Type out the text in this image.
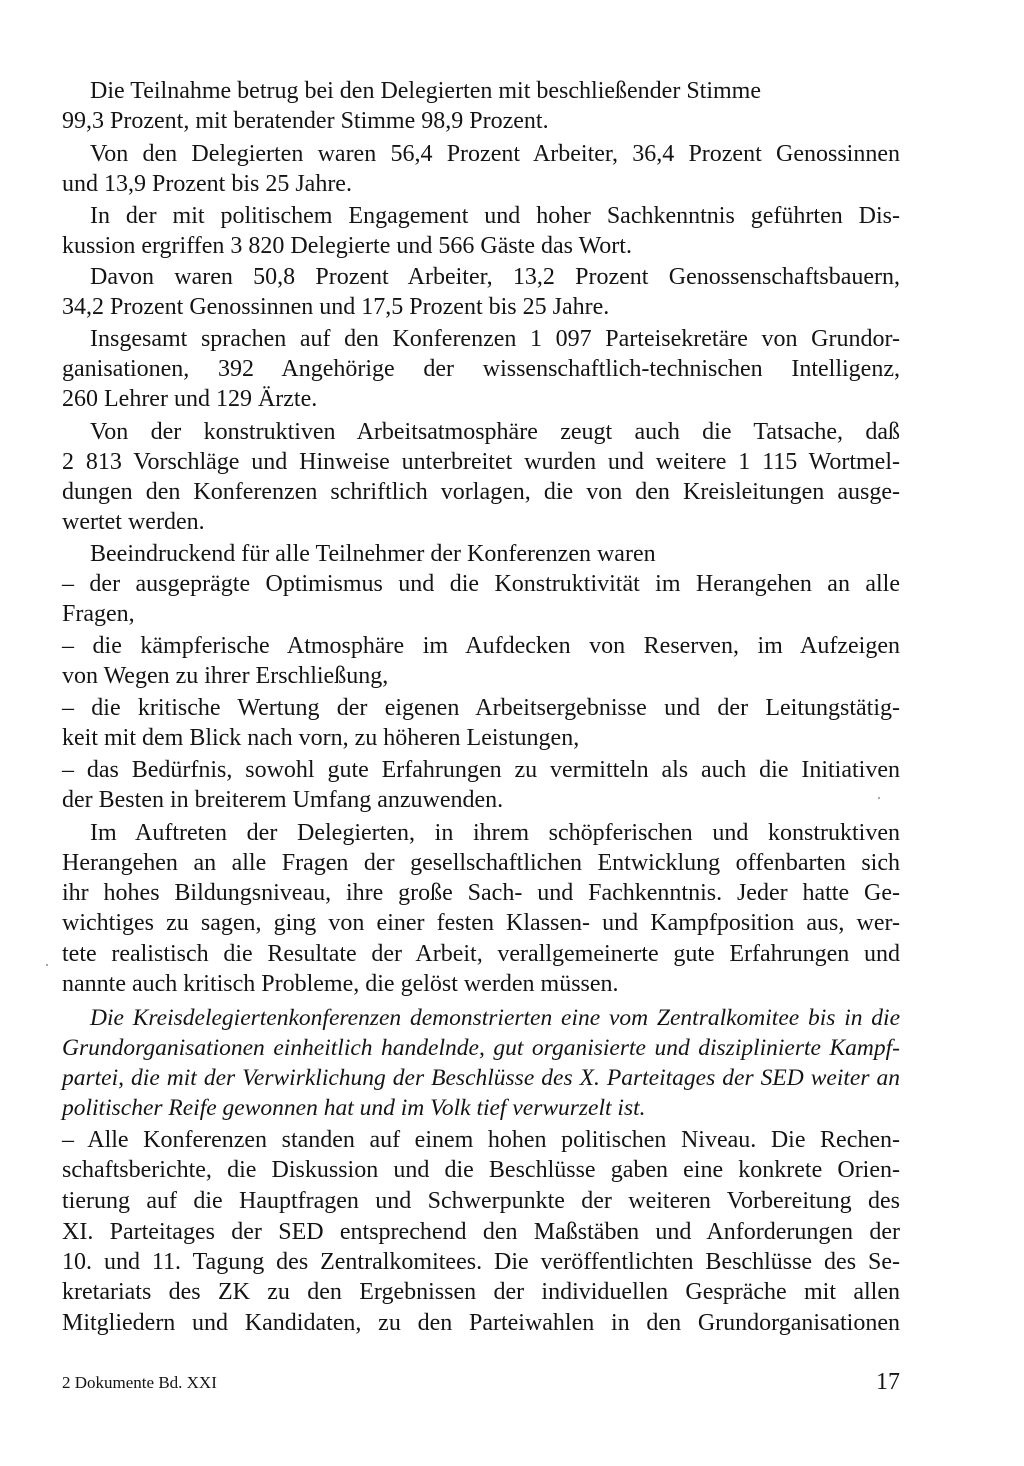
Die Teilnahme betrug bei den Delegierten mit beschließender Stimme
99,3 Prozent, mit beratender Stimme 98,9 Prozent.
Von den Delegierten waren 56,4 Prozent Arbeiter, 36,4 Prozent Genossinnen
und 13,9 Prozent bis 25 Jahre.
In der mit politischem Engagement und hoher Sachkenntnis geführten Dis-
kussion ergriffen 3 820 Delegierte und 566 Gäste das Wort.
Davon waren 50,8 Prozent Arbeiter, 13,2 Prozent Genossenschaftsbauern,
34,2 Prozent Genossinnen und 17,5 Prozent bis 25 Jahre.
Insgesamt sprachen auf den Konferenzen 1 097 Parteisekretäre von Grundor-
ganisationen, 392 Angehörige der wissenschaftlich-technischen Intelligenz,
260 Lehrer und 129 Ärzte.
Von der konstruktiven Arbeitsatmosphäre zeugt auch die Tatsache, daß
2 813 Vorschläge und Hinweise unterbreitet wurden und weitere 1 115 Wortmel-
dungen den Konferenzen schriftlich vorlagen, die von den Kreisleitungen ausge-
wertet werden.
Beeindruckend für alle Teilnehmer der Konferenzen waren
– der ausgeprägte Optimismus und die Konstruktivität im Herangehen an alle
Fragen,
– die kämpferische Atmosphäre im Aufdecken von Reserven, im Aufzeigen
von Wegen zu ihrer Erschließung,
– die kritische Wertung der eigenen Arbeitsergebnisse und der Leitungstätig-
keit mit dem Blick nach vorn, zu höheren Leistungen,
– das Bedürfnis, sowohl gute Erfahrungen zu vermitteln als auch die Initiativen
der Besten in breiterem Umfang anzuwenden.
Im Auftreten der Delegierten, in ihrem schöpferischen und konstruktiven
Herangehen an alle Fragen der gesellschaftlichen Entwicklung offenbarten sich
ihr hohes Bildungsniveau, ihre große Sach- und Fachkenntnis. Jeder hatte Ge-
wichtiges zu sagen, ging von einer festen Klassen- und Kampfposition aus, wer-
tete realistisch die Resultate der Arbeit, verallgemeinerte gute Erfahrungen und
nannte auch kritisch Probleme, die gelöst werden müssen.
Die Kreisdelegiertenkonferenzen demonstrierten eine vom Zentralkomitee bis in die
Grundorganisationen einheitlich handelnde, gut organisierte und disziplinierte Kampf-
partei, die mit der Verwirklichung der Beschlüsse des X. Parteitages der SED weiter an
politischer Reife gewonnen hat und im Volk tief verwurzelt ist.
– Alle Konferenzen standen auf einem hohen politischen Niveau. Die Rechen-
schaftsberichte, die Diskussion und die Beschlüsse gaben eine konkrete Orien-
tierung auf die Hauptfragen und Schwerpunkte der weiteren Vorbereitung des
XI. Parteitages der SED entsprechend den Maßstäben und Anforderungen der
10. und 11. Tagung des Zentralkomitees. Die veröffentlichten Beschlüsse des Se-
kretariats des ZK zu den Ergebnissen der individuellen Gespräche mit allen
Mitgliedern und Kandidaten, zu den Parteiwahlen in den Grundorganisationen
2 Dokumente Bd. XXI	17
